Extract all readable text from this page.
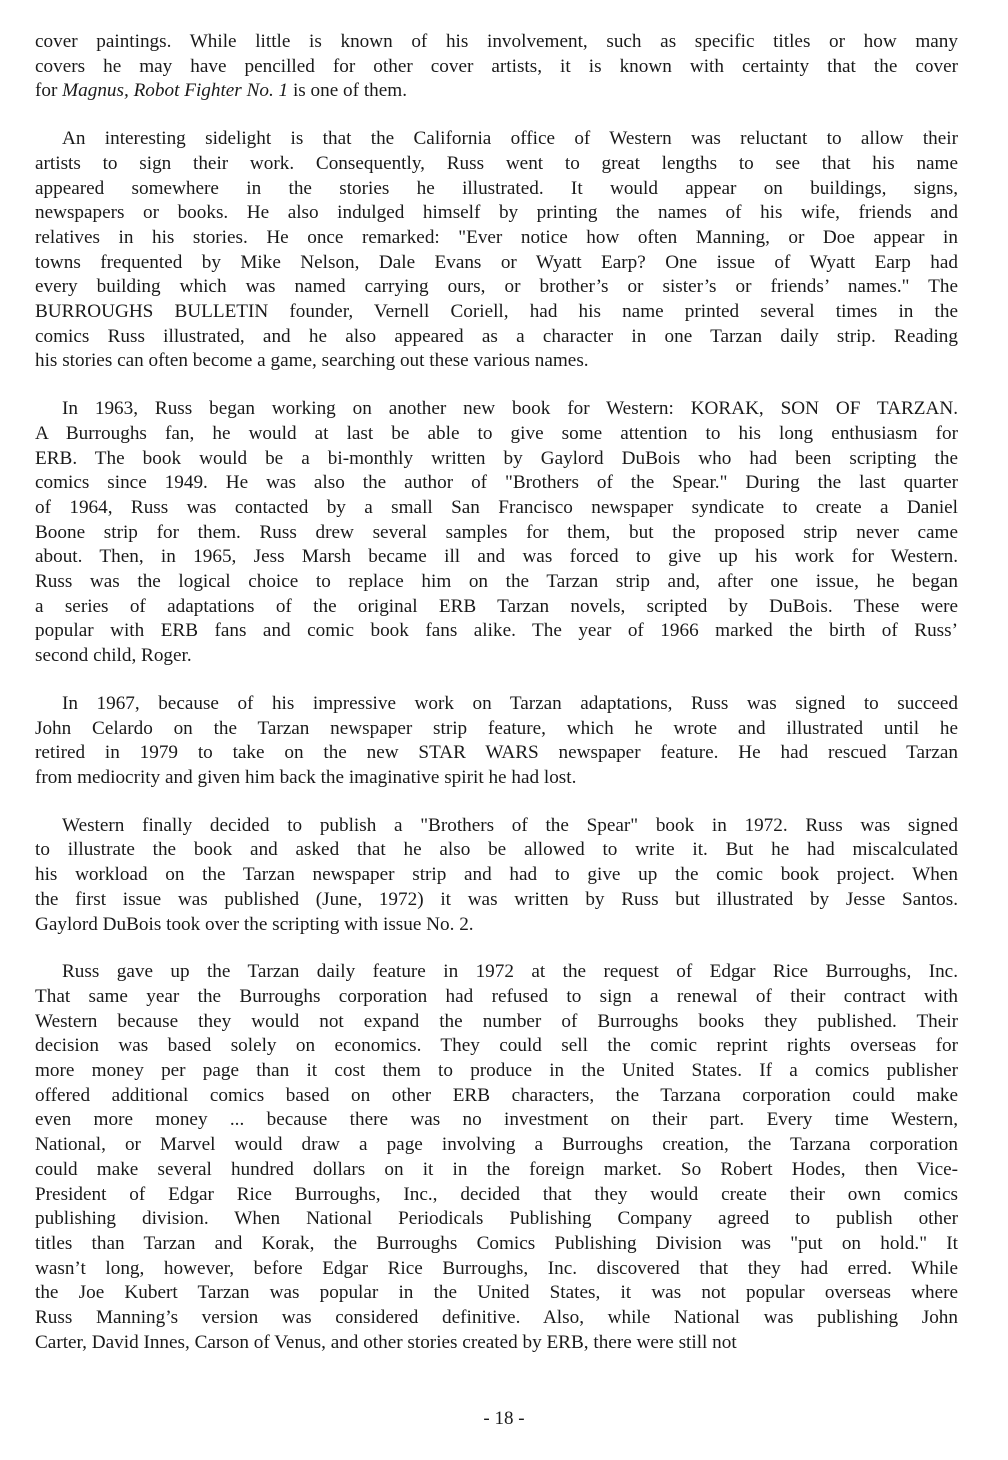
cover paintings. While little is known of his involvement, such as specific titles or how many
covers he may have pencilled for other cover artists, it is known with certainty that the cover
for Magnus, Robot Fighter No. 1 is one of them.

An interesting sidelight is that the California office of Western was reluctant to allow their
artists to sign their work. Consequently, Russ went to great lengths to see that his name
appeared somewhere in the stories he illustrated. It would appear on buildings, signs,
newspapers or books. He also indulged himself by printing the names of his wife, friends and
relatives in his stories. He once remarked: "Ever notice how often Manning, or Doe appear in
towns frequented by Mike Nelson, Dale Evans or Wyatt Earp? One issue of Wyatt Earp had
every building which was named carrying ours, or brother’s or sister’s or friends’ names." The
BURROUGHS BULLETIN founder, Vernell Coriell, had his name printed several times in the
comics Russ illustrated, and he also appeared as a character in one Tarzan daily strip. Reading
his stories can often become a game, searching out these various names.

In 1963, Russ began working on another new book for Western: KORAK, SON OF TARZAN.
A Burroughs fan, he would at last be able to give some attention to his long enthusiasm for
ERB. The book would be a bi-monthly written by Gaylord DuBois who had been scripting the
comics since 1949. He was also the author of "Brothers of the Spear." During the last quarter
of 1964, Russ was contacted by a small San Francisco newspaper syndicate to create a Daniel
Boone strip for them. Russ drew several samples for them, but the proposed strip never came
about. Then, in 1965, Jess Marsh became ill and was forced to give up his work for Western.
Russ was the logical choice to replace him on the Tarzan strip and, after one issue, he began
a series of adaptations of the original ERB Tarzan novels, scripted by DuBois. These were
popular with ERB fans and comic book fans alike. The year of 1966 marked the birth of Russ’
second child, Roger.

In 1967, because of his impressive work on Tarzan adaptations, Russ was signed to succeed
John Celardo on the Tarzan newspaper strip feature, which he wrote and illustrated until he
retired in 1979 to take on the new STAR WARS newspaper feature. He had rescued Tarzan
from mediocrity and given him back the imaginative spirit he had lost.

Western finally decided to publish a "Brothers of the Spear" book in 1972. Russ was signed
to illustrate the book and asked that he also be allowed to write it. But he had miscalculated
his workload on the Tarzan newspaper strip and had to give up the comic book project. When
the first issue was published (June, 1972) it was written by Russ but illustrated by Jesse Santos.
Gaylord DuBois took over the scripting with issue No. 2.

Russ gave up the Tarzan daily feature in 1972 at the request of Edgar Rice Burroughs, Inc.
That same year the Burroughs corporation had refused to sign a renewal of their contract with
Western because they would not expand the number of Burroughs books they published. Their
decision was based solely on economics. They could sell the comic reprint rights overseas for
more money per page than it cost them to produce in the United States. If a comics publisher
offered additional comics based on other ERB characters, the Tarzana corporation could make
even more money ... because there was no investment on their part. Every time Western,
National, or Marvel would draw a page involving a Burroughs creation, the Tarzana corporation
could make several hundred dollars on it in the foreign market. So Robert Hodes, then Vice-
President of Edgar Rice Burroughs, Inc., decided that they would create their own comics
publishing division. When National Periodicals Publishing Company agreed to publish other
titles than Tarzan and Korak, the Burroughs Comics Publishing Division was "put on hold." It
wasn’t long, however, before Edgar Rice Burroughs, Inc. discovered that they had erred. While
the Joe Kubert Tarzan was popular in the United States, it was not popular overseas where
Russ Manning’s version was considered definitive. Also, while National was publishing John
Carter, David Innes, Carson of Venus, and other stories created by ERB, there were still not

- 18 -
